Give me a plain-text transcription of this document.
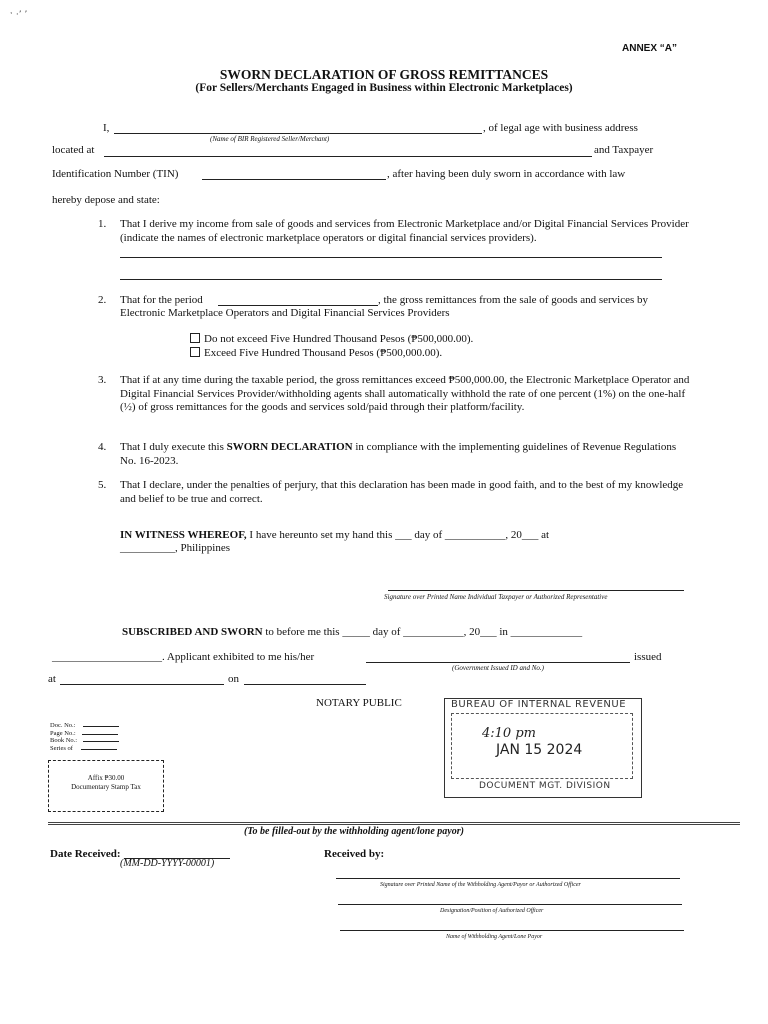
ˑ ·ʼ ’
ANNEX “A”
SWORN DECLARATION OF GROSS REMITTANCES
(For Sellers/Merchants Engaged in Business within Electronic Marketplaces)
I,	, of legal age with business address
(Name of BIR Registered Seller/Merchant)
located at	and Taxpayer
Identification Number (TIN)	, after having been duly sworn in accordance with law
hereby depose and state:
1. That I derive my income from sale of goods and services from Electronic Marketplace and/or Digital Financial Services Provider (indicate the names of electronic marketplace operators or digital financial services providers).
2. That for the period	, the gross remittances from the sale of goods and services by
Electronic Marketplace Operators and Digital Financial Services Providers
Do not exceed Five Hundred Thousand Pesos (₱500,000.00).
Exceed Five Hundred Thousand Pesos (₱500,000.00).
3. That if at any time during the taxable period, the gross remittances exceed ₱500,000.00, the Electronic Marketplace Operator and Digital Financial Services Provider/withholding agents shall automatically withhold the rate of one percent (1%) on the one-half (½) of gross remittances for the goods and services sold/paid through their platform/facility.
4. That I duly execute this SWORN DECLARATION in compliance with the implementing guidelines of Revenue Regulations No. 16-2023.
5. That I declare, under the penalties of perjury, that this declaration has been made in good faith, and to the best of my knowledge and belief to be true and correct.
IN WITNESS WHEREOF, I have hereunto set my hand this ___ day of ___________, 20___ at
__________, Philippines
Signature over Printed Name Individual Taxpayer or Authorized Representative
SUBSCRIBED AND SWORN to before me this _____ day of ___________, 20___ in _____________
____________________. Applicant exhibited to me his/her	issued
(Government Issued ID and No.)
at	on
NOTARY PUBLIC
Doc. No.:
Page No.:
Book No.:
Series of
Affix ₱30.00
Documentary Stamp Tax
BUREAU OF INTERNAL REVENUE
4:10 pm
JAN 15 2024
DOCUMENT MGT. DIVISION
(To be filled-out by the withholding agent/lone payor)
Date Received:
(MM-DD-YYYY-00001)
Received by:
Signature over Printed Name of the Withholding Agent/Payor or Authorized Officer
Designation/Position of Authorized Officer
Name of Withholding Agent/Lone Payor
